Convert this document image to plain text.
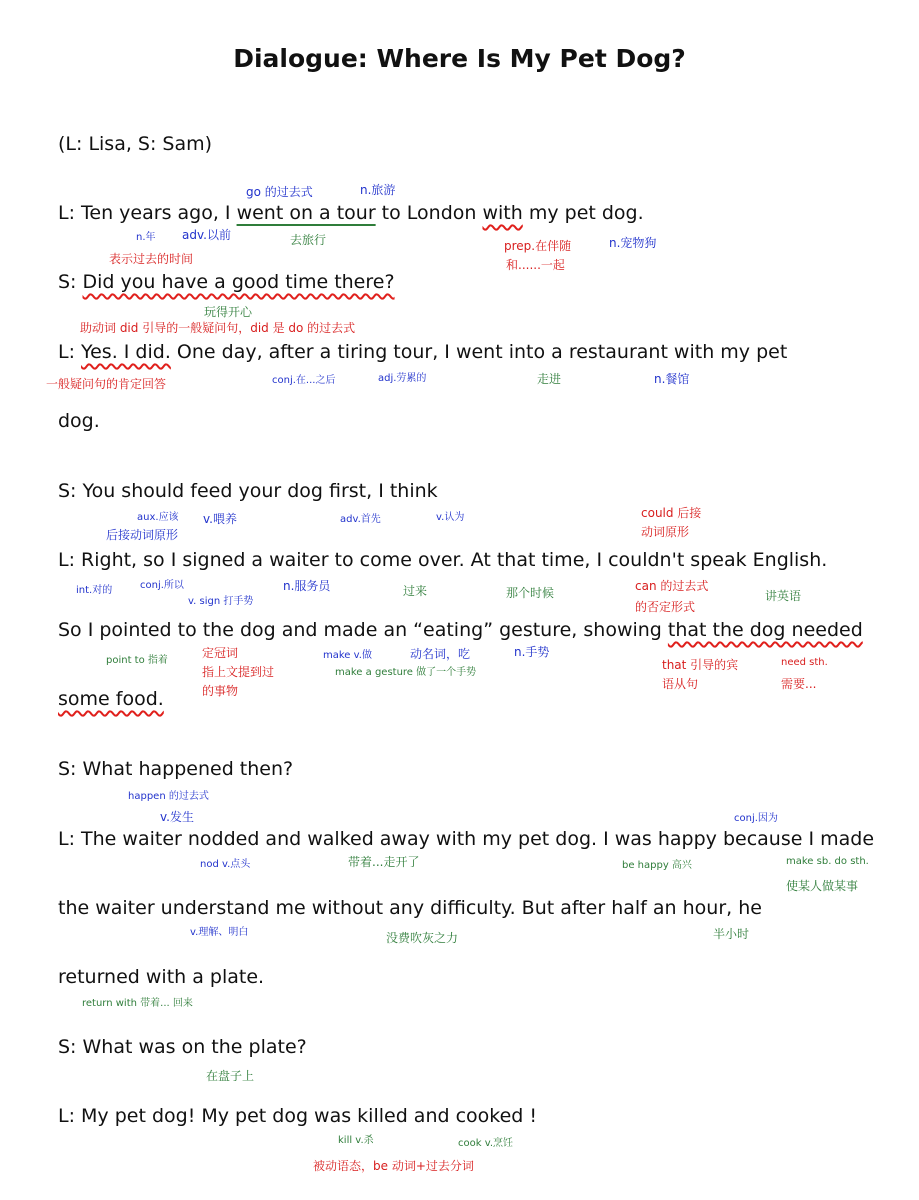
Dialogue: Where Is My Pet Dog?
(L: Lisa, S: Sam)
go 的过去式	n.旅游
L: Ten years ago, I went on a tour to London with my pet dog.
n.年 adv.以前	去旅行	prep.在伴随
和......一起
n.宠物狗
表示过去的时间
S: Did you have a good time there?
玩得开心
助动词 did 引导的一般疑问句，did 是 do 的过去式
L: Yes. I did. One day, after a tiring tour, I went into a restaurant with my pet
一般疑问句的肯定回答	conj.在...之后	adj.劳累的	走进	n.餐馆
dog.
S: You should feed your dog first, I think
aux.应该 v.喂养	adv.首先	v.认为	could 后接
动词原形
后接动词原形
L: Right, so I signed a waiter to come over. At that time, I couldn't speak English.
int.对的	conj.所以
v. sign 打手势
n.服务员	过来	那个时候	can 的过去式
的否定形式
讲英语
So I pointed to the dog and made an “eating” gesture, showing that the dog needed
point to 指着
定冠词
指上文提到过
的事物
make v.做
make a gesture 做了一个手势
动名词，吃	n.手势
that 引导的宾
语从句
need sth.
需要...
some food.
S: What happened then?
happen 的过去式
v.发生	conj.因为
L: The waiter nodded and walked away with my pet dog. I was happy because I made
nod v.点头	带着...走开了	be happy 高兴	make sb. do sth.
使某人做某事
the waiter understand me without any difficulty. But after half an hour, he
v.理解、明白	没费吹灰之力	半小时
returned with a plate.
return with 带着... 回来
S: What was on the plate?
在盘子上
L: My pet dog! My pet dog was killed and cooked !
kill v.杀	cook v.烹饪
被动语态，be 动词+过去分词
